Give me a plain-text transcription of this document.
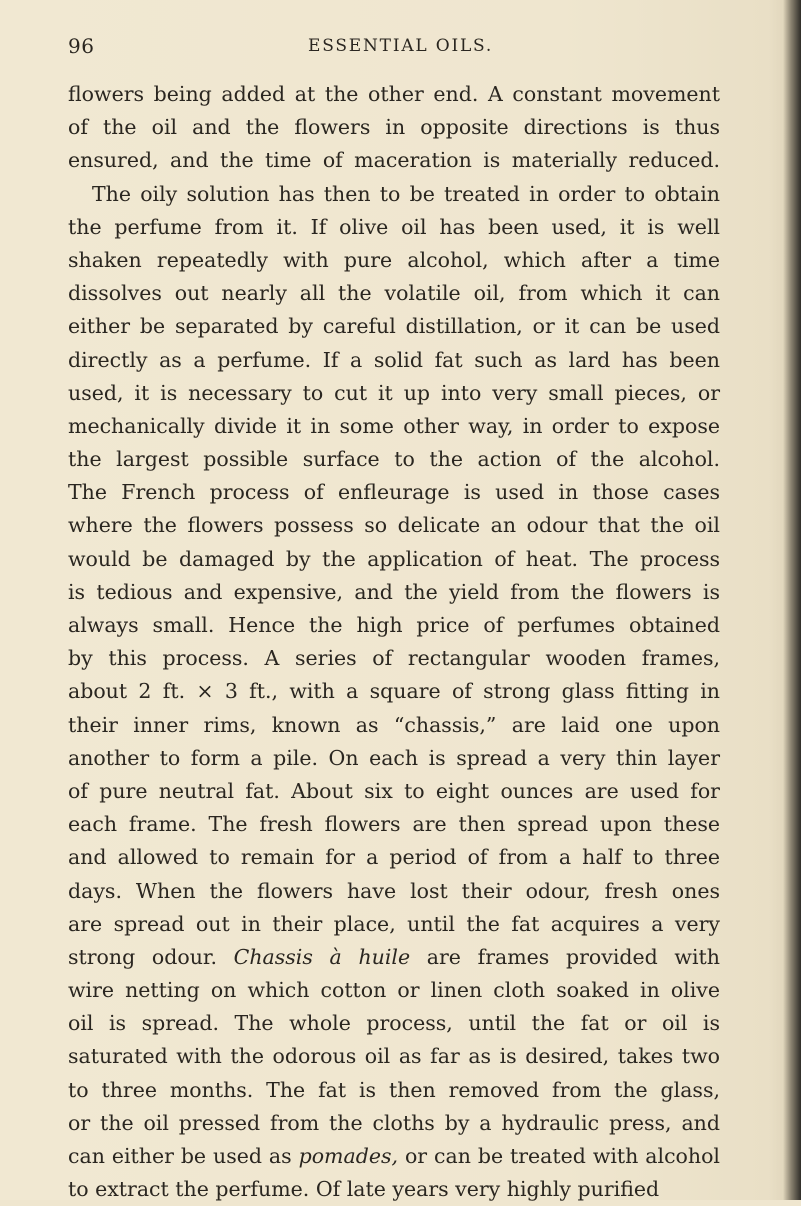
96	ESSENTIAL OILS.
flowers being added at the other end. A constant movement
of the oil and the flowers in opposite directions is thus
ensured, and the time of maceration is materially reduced.
The oily solution has then to be treated in order to obtain
the perfume from it. If olive oil has been used, it is well
shaken repeatedly with pure alcohol, which after a time
dissolves out nearly all the volatile oil, from which it can
either be separated by careful distillation, or it can be used
directly as a perfume. If a solid fat such as lard has been
used, it is necessary to cut it up into very small pieces, or
mechanically divide it in some other way, in order to expose
the largest possible surface to the action of the alcohol.
The French process of enfleurage is used in those cases
where the flowers possess so delicate an odour that the oil
would be damaged by the application of heat. The process
is tedious and expensive, and the yield from the flowers is
always small. Hence the high price of perfumes obtained
by this process. A series of rectangular wooden frames,
about 2 ft. × 3 ft., with a square of strong glass fitting in
their inner rims, known as “chassis,” are laid one upon
another to form a pile. On each is spread a very thin layer
of pure neutral fat. About six to eight ounces are used for
each frame. The fresh flowers are then spread upon these
and allowed to remain for a period of from a half to three
days. When the flowers have lost their odour, fresh ones
are spread out in their place, until the fat acquires a very
strong odour. Chassis à huile are frames provided with
wire netting on which cotton or linen cloth soaked in olive
oil is spread. The whole process, until the fat or oil is
saturated with the odorous oil as far as is desired, takes two
to three months. The fat is then removed from the glass,
or the oil pressed from the cloths by a hydraulic press, and
can either be used as pomades, or can be treated with alcohol
to extract the perfume. Of late years very highly purified
